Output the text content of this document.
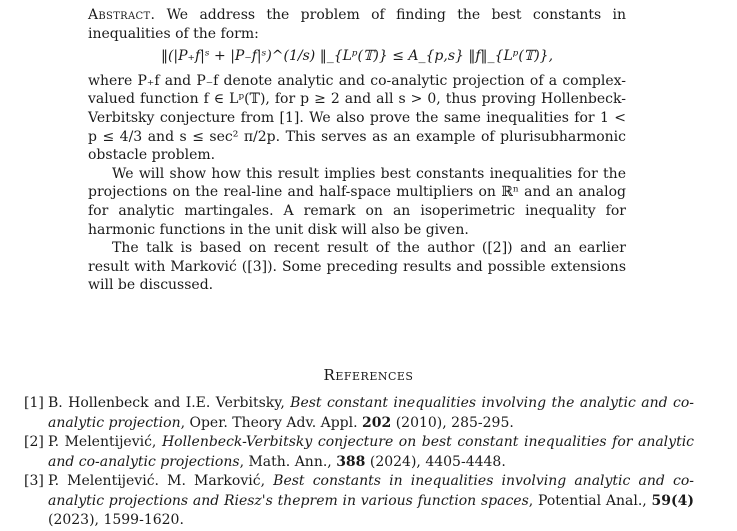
Abstract. We address the problem of finding the best constants in inequalities of the form:

‖(|P₊f|ˢ + |P₋f|ˢ)^(1/s) ‖_{Lᵖ(𝕋)} ≤ A_{p,s} ‖f‖_{Lᵖ(𝕋)},

where P₊f and P₋f denote analytic and co-analytic projection of a complex-valued function f ∈ Lᵖ(𝕋), for p ≥ 2 and all s > 0, thus proving Hollenbeck-Verbitsky conjecture from [1]. We also prove the same inequalities for 1 < p ≤ 4/3 and s ≤ sec² π/2p. This serves as an example of plurisubharmonic obstacle problem.

We will show how this result implies best constants inequalities for the projections on the real-line and half-space multipliers on ℝⁿ and an analog for analytic martingales. A remark on an isoperimetric inequality for harmonic functions in the unit disk will also be given.

The talk is based on recent result of the author ([2]) and an earlier result with Marković ([3]). Some preceding results and possible extensions will be discussed.

References
[1] B. Hollenbeck and I.E. Verbitsky, Best constant inequalities involving the analytic and co-analytic projection, Oper. Theory Adv. Appl. 202 (2010), 285-295.
[2] P. Melentijević, Hollenbeck-Verbitsky conjecture on best constant inequalities for analytic and co-analytic projections, Math. Ann., 388 (2024), 4405-4448.
[3] P. Melentijević. M. Marković, Best constants in inequalities involving analytic and co-analytic projections and Riesz's theprem in various function spaces, Potential Anal., 59(4) (2023), 1599-1620.
